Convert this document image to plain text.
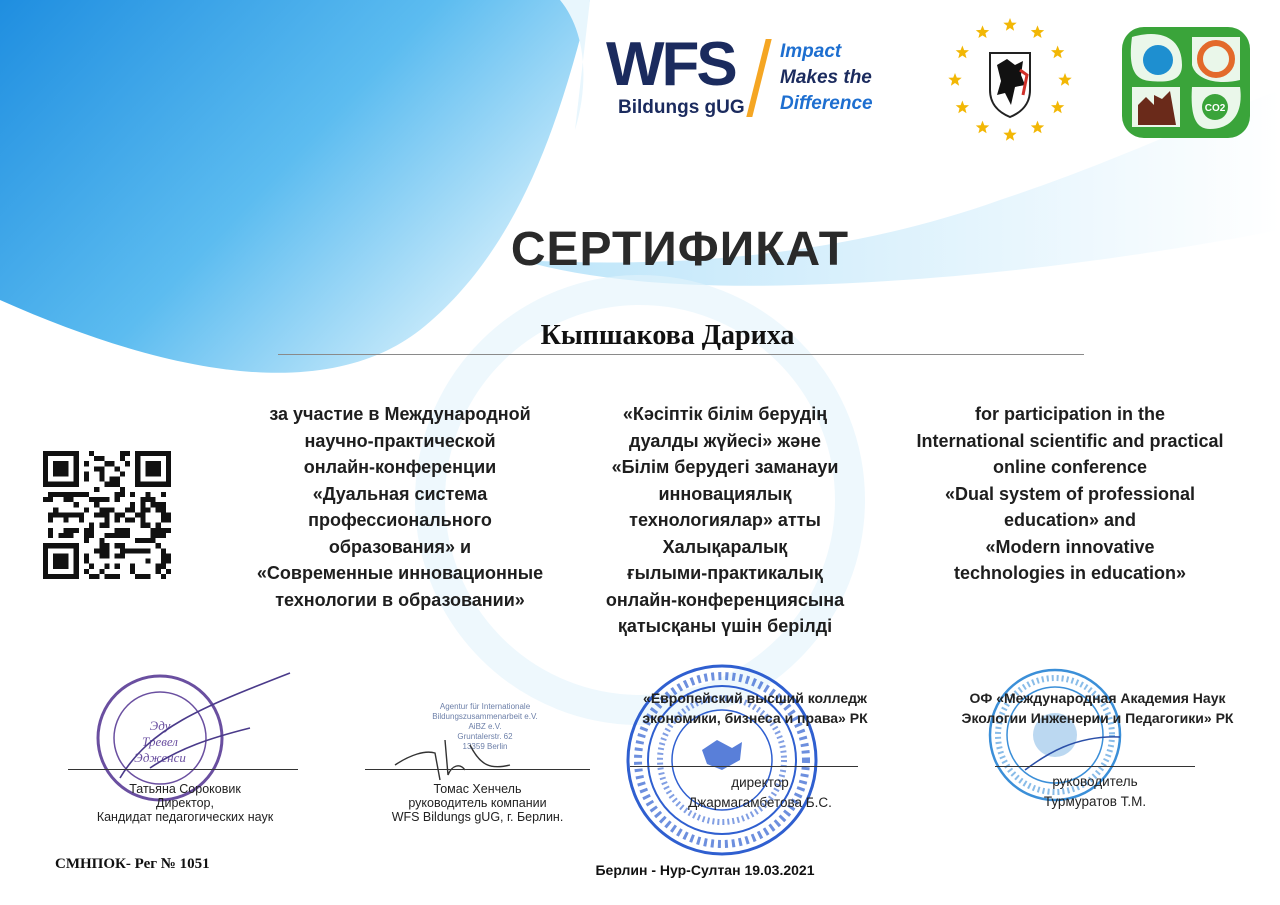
WFS
Bildungs gUG
Impact
Makes the
Difference	CO2
СЕРТИФИКАТ
Кыпшакова Дариха
за участие в Международной
научно-практической
онлайн-конференции
«Дуальная система
профессионального
образования» и
«Современные инновационные
технологии в образовании»
«Кәсіптік білім берудің
дуалды жүйесі» және
«Білім берудегі заманауи
инновациялық
технологиялар» атты
Халықаралық
ғылыми-практикалық
онлайн-конференциясына
қатысқаны үшін берілді
for participation in the
International scientific and practical
online conference
«Dual system of professional
education» and
«Modern innovative
technologies in education»
Эду
Тревел
Эдженси
Татьяна Сороковик
Директор,
Кандидат педагогических наук
Agentur für Internationale
Bildungszusammenarbeit e.V.
AiBZ e.V.
Gruntalerstr. 62
13359 Berlin
Томас Хенчель
руководитель компании
WFS Bildungs gUG, г. Берлин.
«Европейский высший колледж
экономики, бизнеса и права» РК
директор
Джармагамбетова Б.С.
ОФ «Международная Академия Наук
Экологии Инженерии и Педагогики» РК
руководитель
Турмуратов Т.М.
СМНПОК- Рег № 1051	Берлин - Нур-Султан 19.03.2021
